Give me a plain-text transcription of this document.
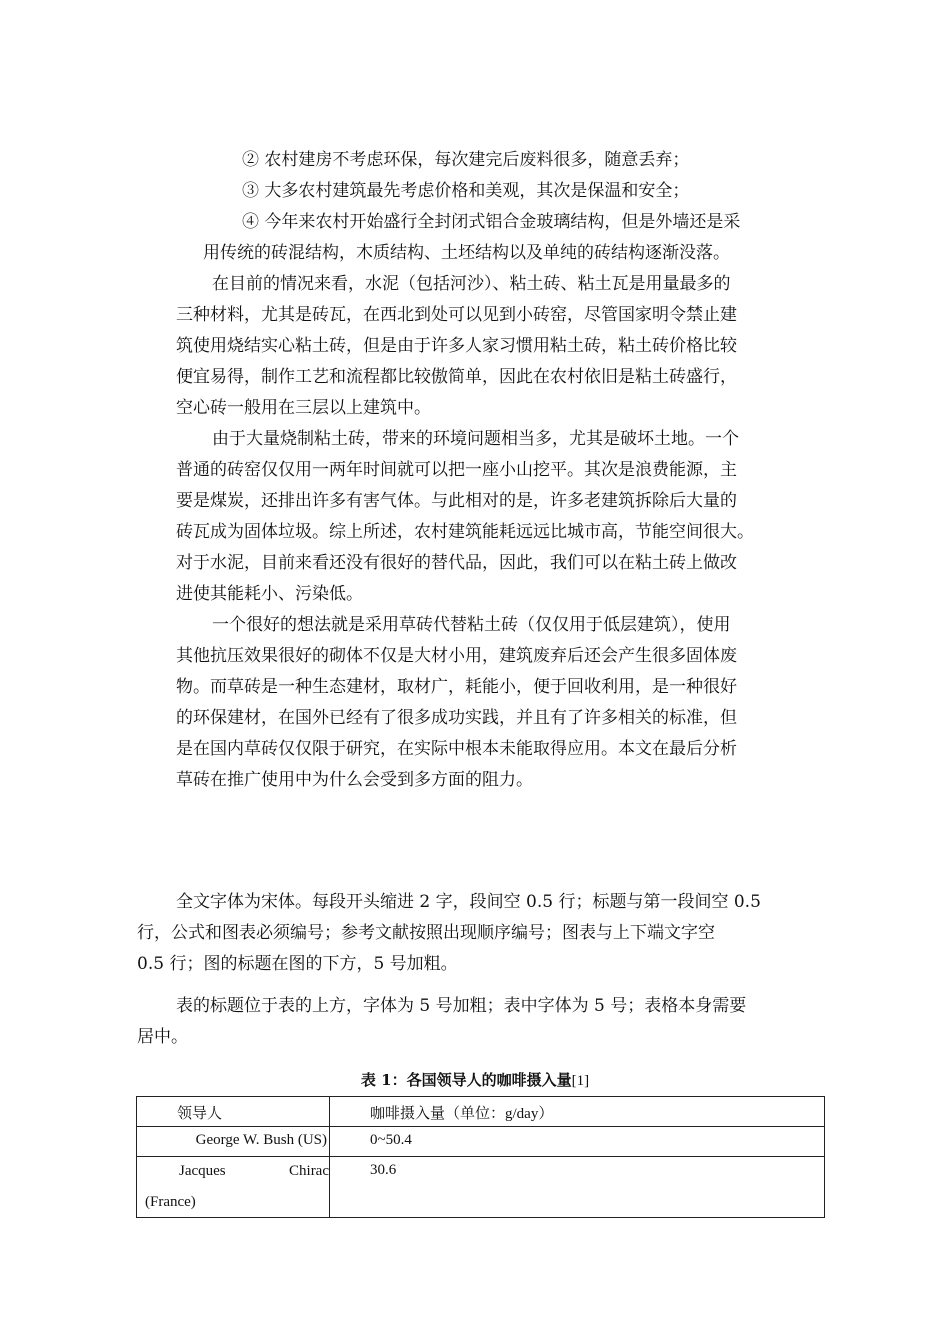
② 农村建房不考虑环保，每次建完后废料很多，随意丢弃；

③ 大多农村建筑最先考虑价格和美观，其次是保温和安全；

④ 今年来农村开始盛行全封闭式铝合金玻璃结构，但是外墙还是采

用传统的砖混结构，木质结构、土坯结构以及单纯的砖结构逐渐没落。

在目前的情况来看，水泥（包括河沙）、粘土砖、粘土瓦是用量最多的

三种材料，尤其是砖瓦，在西北到处可以见到小砖窑，尽管国家明令禁止建

筑使用烧结实心粘土砖，但是由于许多人家习惯用粘土砖，粘土砖价格比较

便宜易得，制作工艺和流程都比较傲简单，因此在农村依旧是粘土砖盛行，

空心砖一般用在三层以上建筑中。

由于大量烧制粘土砖，带来的环境问题相当多，尤其是破坏土地。一个

普通的砖窑仅仅用一两年时间就可以把一座小山挖平。其次是浪费能源，主

要是煤炭，还排出许多有害气体。与此相对的是，许多老建筑拆除后大量的

砖瓦成为固体垃圾。综上所述，农村建筑能耗远远比城市高，节能空间很大。

对于水泥，目前来看还没有很好的替代品，因此，我们可以在粘土砖上做改

进使其能耗小、污染低。

一个很好的想法就是采用草砖代替粘土砖（仅仅用于低层建筑），使用

其他抗压效果很好的砌体不仅是大材小用，建筑废弃后还会产生很多固体废

物。而草砖是一种生态建材，取材广，耗能小，便于回收利用，是一种很好

的环保建材，在国外已经有了很多成功实践，并且有了许多相关的标准，但

是在国内草砖仅仅限于研究，在实际中根本未能取得应用。本文在最后分析

草砖在推广使用中为什么会受到多方面的阻力。

全文字体为宋体。每段开头缩进 2 字，段间空 0.5 行；标题与第一段间空 0.5

行，公式和图表必须编号；参考文献按照出现顺序编号；图表与上下端文字空

0.5 行；图的标题在图的下方，5 号加粗。

表的标题位于表的上方，字体为 5 号加粗；表中字体为 5 号；表格本身需要

居中。

表 1：各国领导人的咖啡摄入量[1]
领导人	咖啡摄入量（单位：g/day）
George W. Bush (US)	0~50.4

Jacques Chirac
(France)	30.6
